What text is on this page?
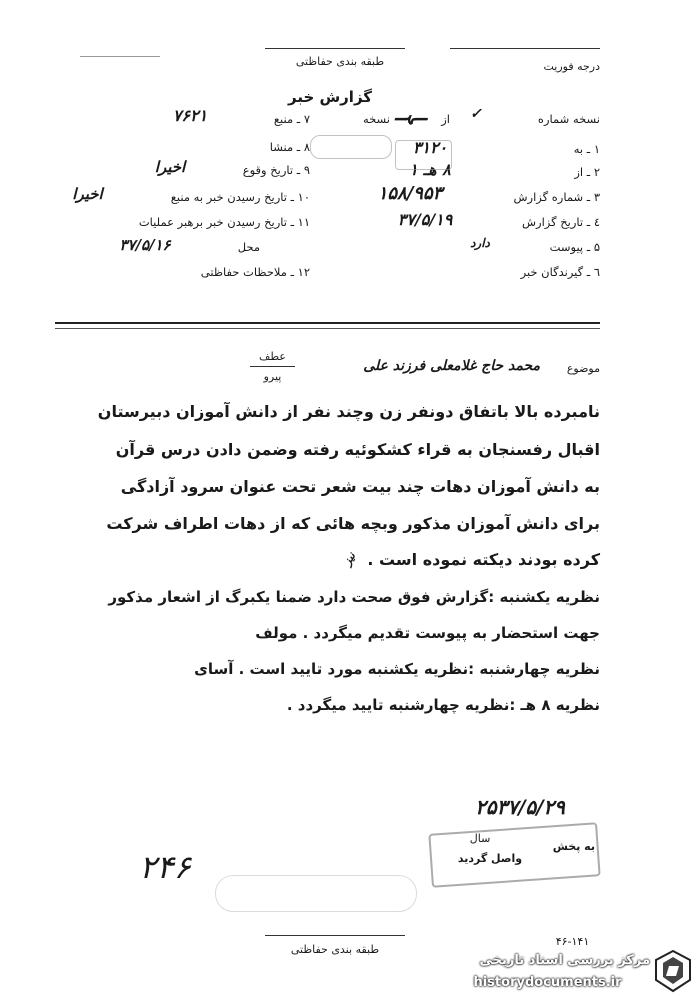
طبقه بندی حفاظتی	درجه فوریت
گزارش خبر
نسخه شماره
✓
از
ـہـ
نسخه
۱ ـ به
۳۱۲۰
۲ ـ از
۸ هـ ۱
۳ ـ شماره گزارش
۱۵۸/۹۵۳
٤ ـ تاریخ گزارش
۳۷/۵/۱۹
۵ ـ پیوست
دارد
٦ ـ گیرندگان خبر
۷ ـ منبع
۷۶۲۱
۸ ـ منشا
۹ ـ تاریخ وقوع
اخیرا
۱۰ ـ تاریخ رسیدن خبر به منبع
اخیرا
۱۱ ـ تاریخ رسیدن خبر برهبر عملیات
محل
۳۷/۵/۱۶
۱۲ ـ ملاحظات حفاظتی
موضوع
محمد حاج غلامعلی فرزند علی
عطف
پیرو
نامبرده بالا باتفاق دونفر زن وچند نفر از دانش آموزان دبیرستان
اقبال رفسنجان به قراء کشکوئیه رفته وضمن دادن درس قرآن
به دانش آموزان دهات چند بیت شعر تحت عنوان سرود آزادگی
برای دانش آموزان مذکور وبچه هائی که از دهات اطراف شرکت
کرده بودند دیکته نموده است .
نیز
نظریه یکشنبه :گزارش فوق صحت دارد ضمنا یکبرگ از اشعار مذکور
جهت استحضار به پیوست تقدیم میگردد . مولف
نظریه چهارشنبه :نظریه یکشنبه مورد تایید است . آسای
نظریه ۸ هـ :نظریه چهارشنبه تایید میگردد .
۲۵۳۷/۵/۲۹
سال
به پخش
واصل گردید
۲۴۶
۴۶-۱۴۱
طبقه بندی حفاظتی
مرکز بررسی اسناد تاریخی
historydocuments.ir
